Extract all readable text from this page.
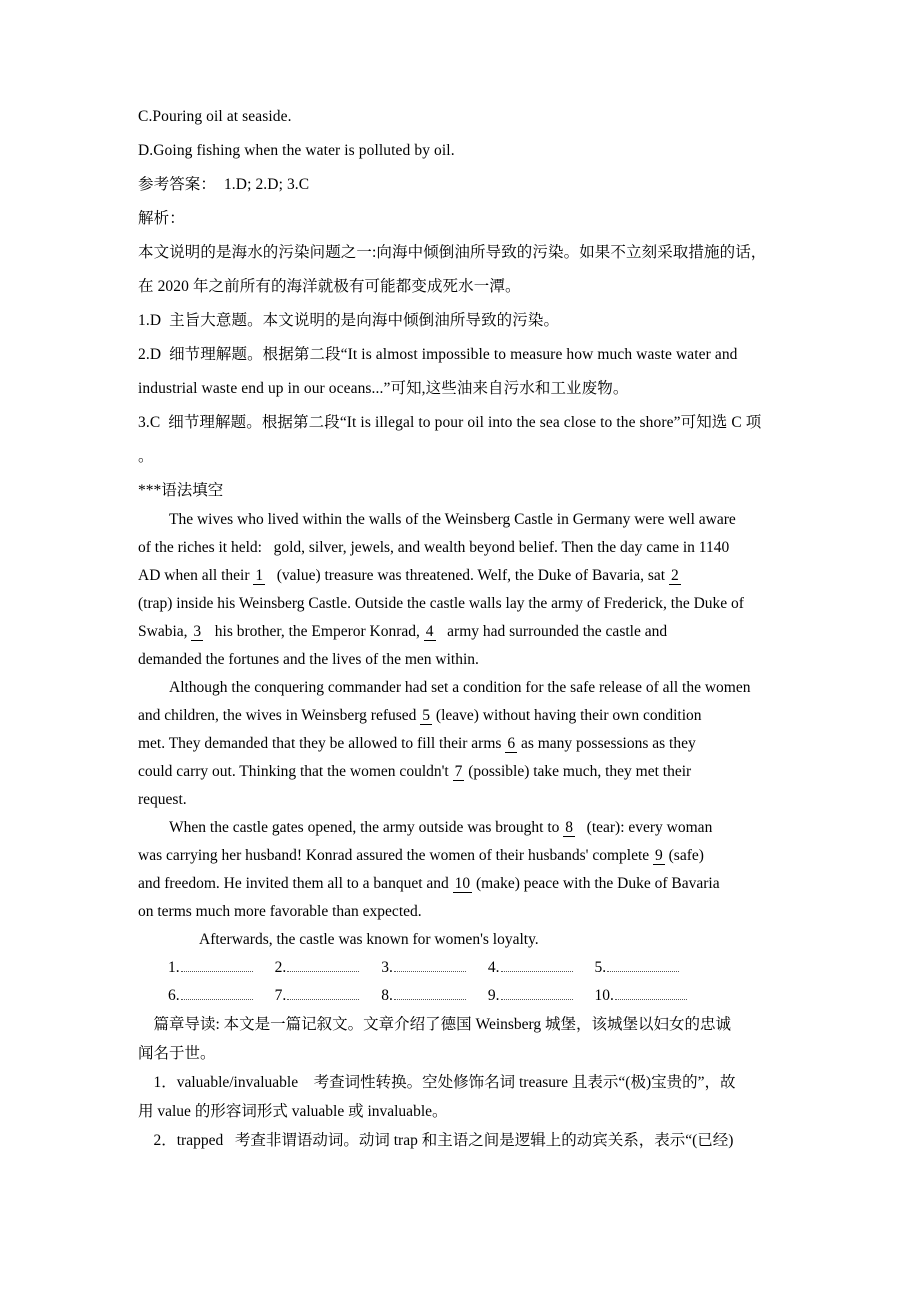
C.Pouring oil at seaside.

D.Going fishing when the water is polluted by oil.

参考答案：  1.D; 2.D; 3.C

解析：

本文说明的是海水的污染问题之一:向海中倾倒油所导致的污染。如果不立刻采取措施的话，

在 2020 年之前所有的海洋就极有可能都变成死水一潭。

1.D  主旨大意题。本文说明的是向海中倾倒油所导致的污染。

2.D  细节理解题。根据第二段“It is almost impossible to measure how much waste water and

industrial waste end up in our oceans...”可知,这些油来自污水和工业废物。

3.C  细节理解题。根据第二段“It is illegal to pour oil into the sea close to the shore”可知选 C 项

。

***语法填空

The wives who lived within the walls of the Weinsberg Castle in Germany were well aware

of the riches it held:   gold, silver, jewels, and wealth beyond belief. Then the day came in 1140

AD when all their 1   (value) treasure was threatened. Welf, the Duke of Bavaria, sat 2

(trap) inside his Weinsberg Castle. Outside the castle walls lay the army of Frederick, the Duke of

Swabia, 3   his brother, the Emperor Konrad, 4   army had surrounded the castle and

demanded the fortunes and the lives of the men within.

Although the conquering commander had set a condition for the safe release of all the women

and children, the wives in Weinsberg refused 5 (leave) without having their own condition

met. They demanded that they be allowed to fill their arms 6 as many possessions as they

could carry out. Thinking that the women couldn't 7 (possible) take much, they met their

request.

When the castle gates opened, the army outside was brought to 8   (tear): every woman

was carrying her husband! Konrad assured the women of their husbands' complete 9 (safe)

and freedom. He invited them all to a banquet and 10 (make) peace with the Duke of Bavaria

on terms much more favorable than expected.

Afterwards, the castle was known for women's loyalty.

1.	2.	3.	4.	5.

6.	7.	8.	9.	10.

篇章导读: 本文是一篇记叙文。文章介绍了德国 Weinsberg 城堡，该城堡以妇女的忠诚

闻名于世。

1．valuable/invaluable    考查词性转换。空处修饰名词 treasure 且表示“(极)宝贵的”，故

用 value 的形容词形式 valuable 或 invaluable。

2．trapped   考查非谓语动词。动词 trap 和主语之间是逻辑上的动宾关系，表示“(已经)
